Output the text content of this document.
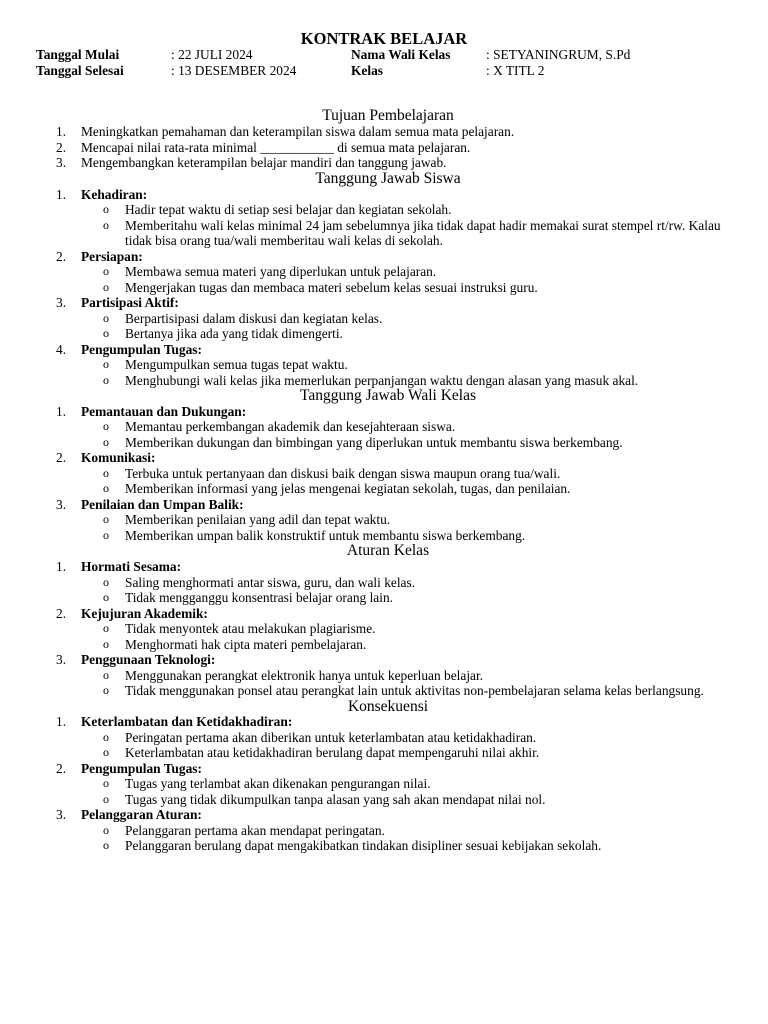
KONTRAK BELAJAR
Tanggal Mulai	: 22 JULI 2024	Nama Wali Kelas	: SETYANINGRUM, S.Pd
Tanggal Selesai	: 13 DESEMBER 2024	Kelas	: X TITL 2
Tujuan Pembelajaran
1. Meningkatkan pemahaman dan keterampilan siswa dalam semua mata pelajaran.
2. Mencapai nilai rata-rata minimal ___________ di semua mata pelajaran.
3. Mengembangkan keterampilan belajar mandiri dan tanggung jawab.
Tanggung Jawab Siswa
1. Kehadiran:
o Hadir tepat waktu di setiap sesi belajar dan kegiatan sekolah.
o Memberitahu wali kelas minimal 24 jam sebelumnya jika tidak dapat hadir memakai surat stempel rt/rw. Kalau tidak bisa orang tua/wali memberitau wali kelas di sekolah.
2. Persiapan:
o Membawa semua materi yang diperlukan untuk pelajaran.
o Mengerjakan tugas dan membaca materi sebelum kelas sesuai instruksi guru.
3. Partisipasi Aktif:
o Berpartisipasi dalam diskusi dan kegiatan kelas.
o Bertanya jika ada yang tidak dimengerti.
4. Pengumpulan Tugas:
o Mengumpulkan semua tugas tepat waktu.
o Menghubungi wali kelas jika memerlukan perpanjangan waktu dengan alasan yang masuk akal.
Tanggung Jawab Wali Kelas
1. Pemantauan dan Dukungan:
o Memantau perkembangan akademik dan kesejahteraan siswa.
o Memberikan dukungan dan bimbingan yang diperlukan untuk membantu siswa berkembang.
2. Komunikasi:
o Terbuka untuk pertanyaan dan diskusi baik dengan siswa maupun orang tua/wali.
o Memberikan informasi yang jelas mengenai kegiatan sekolah, tugas, dan penilaian.
3. Penilaian dan Umpan Balik:
o Memberikan penilaian yang adil dan tepat waktu.
o Memberikan umpan balik konstruktif untuk membantu siswa berkembang.
Aturan Kelas
1. Hormati Sesama:
o Saling menghormati antar siswa, guru, dan wali kelas.
o Tidak mengganggu konsentrasi belajar orang lain.
2. Kejujuran Akademik:
o Tidak menyontek atau melakukan plagiarisme.
o Menghormati hak cipta materi pembelajaran.
3. Penggunaan Teknologi:
o Menggunakan perangkat elektronik hanya untuk keperluan belajar.
o Tidak menggunakan ponsel atau perangkat lain untuk aktivitas non-pembelajaran selama kelas berlangsung.
Konsekuensi
1. Keterlambatan dan Ketidakhadiran:
o Peringatan pertama akan diberikan untuk keterlambatan atau ketidakhadiran.
o Keterlambatan atau ketidakhadiran berulang dapat mempengaruhi nilai akhir.
2. Pengumpulan Tugas:
o Tugas yang terlambat akan dikenakan pengurangan nilai.
o Tugas yang tidak dikumpulkan tanpa alasan yang sah akan mendapat nilai nol.
3. Pelanggaran Aturan:
o Pelanggaran pertama akan mendapat peringatan.
o Pelanggaran berulang dapat mengakibatkan tindakan disipliner sesuai kebijakan sekolah.
